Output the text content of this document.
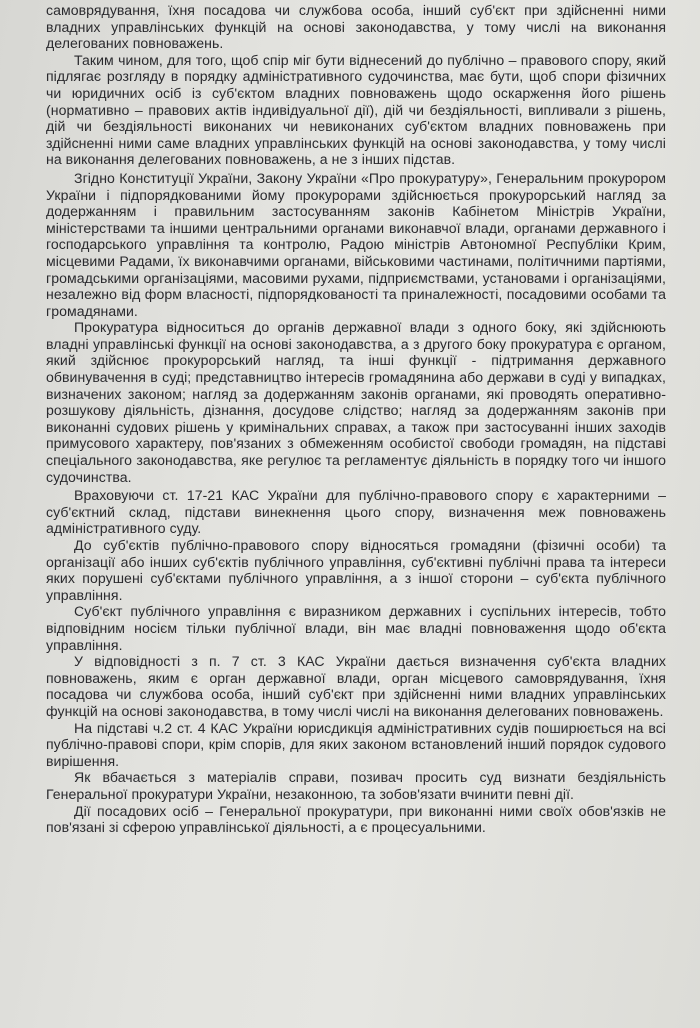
самоврядування, їхня посадова чи службова особа, інший суб'єкт при здійсненні ними владних управлінських функцій на основі законодавства, у тому числі на виконання делегованих повноважень.

Таким чином, для того, щоб спір міг бути віднесений до публічно – правового спору, який підлягає розгляду в порядку адміністративного судочинства, має бути, щоб спори фізичних чи юридичних осіб із суб'єктом владних повноважень щодо оскарження його рішень (нормативно – правових актів індивідуальної дії), дій чи бездіяльності, випливали з рішень, дій чи бездіяльності виконаних чи невиконаних суб'єктом владних повноважень при здійсненні ними саме владних управлінських функцій на основі законодавства, у тому числі на виконання делегованих повноважень, а не з інших підстав.

Згідно Конституції України, Закону України «Про прокуратуру», Генеральним прокурором України і підпорядкованими йому прокурорами здійснюється прокурорський нагляд за додержанням і правильним застосуванням законів Кабінетом Міністрів України, міністерствами та іншими центральними органами виконавчої влади, органами державного і господарського управління та контролю, Радою міністрів Автономної Республіки Крим, місцевими Радами, їх виконавчими органами, військовими частинами, політичними партіями, громадськими організаціями, масовими рухами, підприємствами, установами і організаціями, незалежно від форм власності, підпорядкованості та приналежності, посадовими особами та громадянами.

Прокуратура відноситься до органів державної влади з одного боку, які здійснюють владні управлінські функції на основі законодавства, а з другого боку прокуратура є органом, який здійснює прокурорський нагляд, та інші функції - підтримання державного обвинувачення в суді; представництво інтересів громадянина або держави в суді у випадках, визначених законом; нагляд за додержанням законів органами, які проводять оперативно-розшукову діяльність, дізнання, досудове слідство; нагляд за додержанням законів при виконанні судових рішень у кримінальних справах, а також при застосуванні інших заходів примусового характеру, пов'язаних з обмеженням особистої свободи громадян, на підставі спеціального законодавства, яке регулює та регламентує діяльність в порядку того чи іншого судочинства.

Враховуючи ст. 17-21 КАС України для публічно-правового спору є характерними – суб'єктний склад, підстави винекнення цього спору, визначення меж повноважень адміністративного суду.

До суб'єктів публічно-правового спору відносяться громадяни (фізичні особи) та організації або інших суб'єктів публічного управління, суб'єктивні публічні права та інтереси яких порушені суб'єктами публічного управління, а з іншої сторони – суб'єкта публічного управління.

Суб'єкт публічного управління є виразником державних і суспільних інтересів, тобто відповідним носієм тільки публічної влади, він має владні повноваження щодо об'єкта управління.

У відповідності з п. 7 ст. 3 КАС України дається визначення суб'єкта владних повноважень, яким є орган державної влади, орган місцевого самоврядування, їхня посадова чи службова особа, інший суб'єкт при здійсненні ними владних управлінських функцій на основі законодавства, в тому числі числі на виконання делегованих повноважень.

На підставі ч.2 ст. 4 КАС України юрисдикція адміністративних судів поширюється на всі публічно-правові спори, крім спорів, для яких законом встановлений інший порядок судового вирішення.

Як вбачається з матеріалів справи, позивач просить суд визнати бездіяльність Генеральної прокуратури України, незаконною, та зобов'язати вчинити певні дії.

Дії посадових осіб – Генеральної прокуратури, при виконанні ними своїх обов'язків не пов'язані зі сферою управлінської діяльності, а є процесуальними.
